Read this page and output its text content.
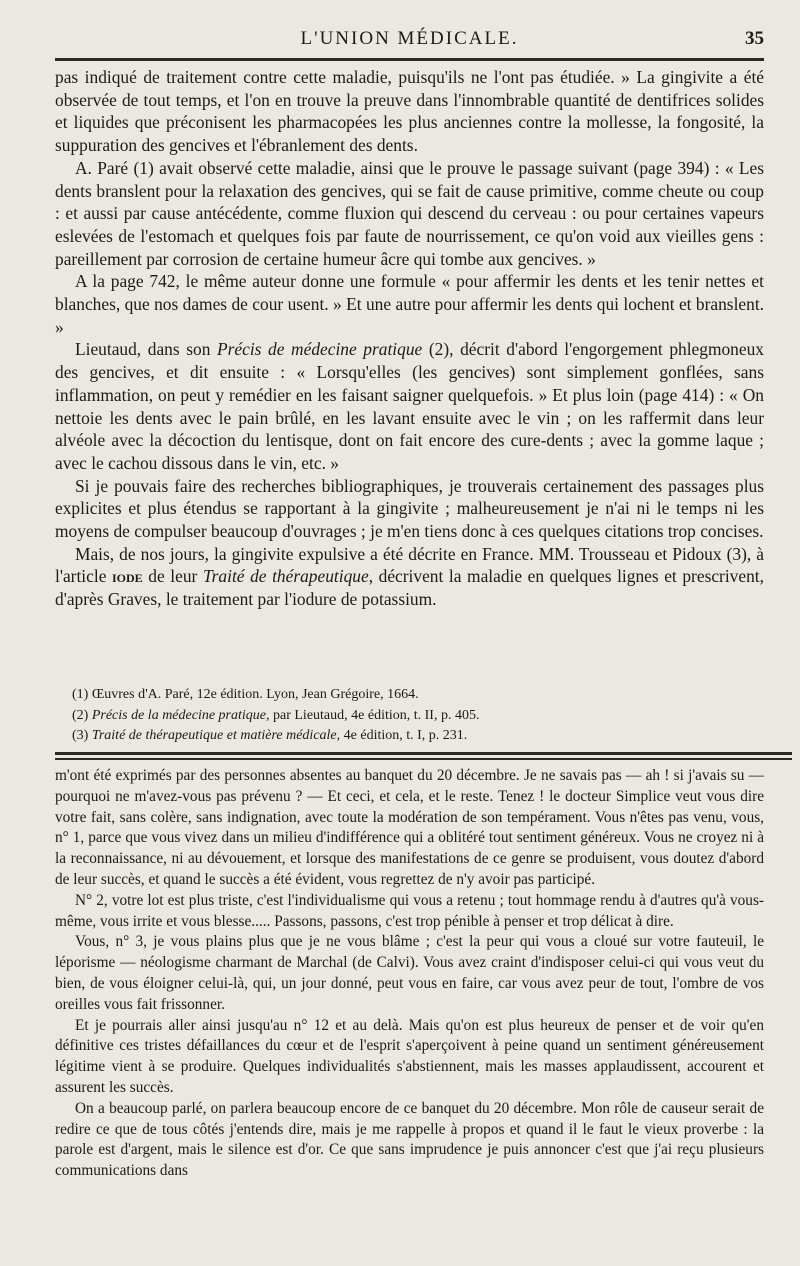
L'UNION MÉDICALE.	35

pas indiqué de traitement contre cette maladie, puisqu'ils ne l'ont pas étudiée. » La gingivite a été observée de tout temps, et l'on en trouve la preuve dans l'innombrable quantité de dentifrices solides et liquides que préconisent les pharmacopées les plus anciennes contre la mollesse, la fongosité, la suppuration des gencives et l'ébranlement des dents.

A. Paré (1) avait observé cette maladie, ainsi que le prouve le passage suivant (page 394) : « Les dents branslent pour la relaxation des gencives, qui se fait de cause primitive, comme cheute ou coup : et aussi par cause antécédente, comme fluxion qui descend du cerveau : ou pour certaines vapeurs eslevées de l'estomach et quelques fois par faute de nourrissement, ce qu'on void aux vieilles gens : pareillement par corrosion de certaine humeur âcre qui tombe aux gencives. »

A la page 742, le même auteur donne une formule « pour affermir les dents et les tenir nettes et blanches, que nos dames de cour usent. » Et une autre pour affermir les dents qui lochent et branslent. »

Lieutaud, dans son Précis de médecine pratique (2), décrit d'abord l'engorgement phlegmoneux des gencives, et dit ensuite : « Lorsqu'elles (les gencives) sont simplement gonflées, sans inflammation, on peut y remédier en les faisant saigner quelquefois. » Et plus loin (page 414) : « On nettoie les dents avec le pain brûlé, en les lavant ensuite avec le vin ; on les raffermit dans leur alvéole avec la décoction du lentisque, dont on fait encore des cure-dents ; avec la gomme laque ; avec le cachou dissous dans le vin, etc. »

Si je pouvais faire des recherches bibliographiques, je trouverais certainement des passages plus explicites et plus étendus se rapportant à la gingivite ; malheureusement je n'ai ni le temps ni les moyens de compulser beaucoup d'ouvrages ; je m'en tiens donc à ces quelques citations trop concises.

Mais, de nos jours, la gingivite expulsive a été décrite en France. MM. Trousseau et Pidoux (3), à l'article iode de leur Traité de thérapeutique, décrivent la maladie en quelques lignes et prescrivent, d'après Graves, le traitement par l'iodure de potassium.

(1) Œuvres d'A. Paré, 12e édition. Lyon, Jean Grégoire, 1664.

(2) Précis de la médecine pratique, par Lieutaud, 4e édition, t. II, p. 405.

(3) Traité de thérapeutique et matière médicale, 4e édition, t. I, p. 231.

m'ont été exprimés par des personnes absentes au banquet du 20 décembre. Je ne savais pas — ah ! si j'avais su — pourquoi ne m'avez-vous pas prévenu ? — Et ceci, et cela, et le reste. Tenez ! le docteur Simplice veut vous dire votre fait, sans colère, sans indignation, avec toute la modération de son tempérament. Vous n'êtes pas venu, vous, n° 1, parce que vous vivez dans un milieu d'indifférence qui a oblitéré tout sentiment généreux. Vous ne croyez ni à la reconnaissance, ni au dévouement, et lorsque des manifestations de ce genre se produisent, vous doutez d'abord de leur succès, et quand le succès a été évident, vous regrettez de n'y avoir pas participé.

N° 2, votre lot est plus triste, c'est l'individualisme qui vous a retenu ; tout hommage rendu à d'autres qu'à vous-même, vous irrite et vous blesse..... Passons, passons, c'est trop pénible à penser et trop délicat à dire.

Vous, n° 3, je vous plains plus que je ne vous blâme ; c'est la peur qui vous a cloué sur votre fauteuil, le léporisme — néologisme charmant de Marchal (de Calvi). Vous avez craint d'indisposer celui-ci qui vous veut du bien, de vous éloigner celui-là, qui, un jour donné, peut vous en faire, car vous avez peur de tout, l'ombre de vos oreilles vous fait frissonner.

Et je pourrais aller ainsi jusqu'au n° 12 et au delà. Mais qu'on est plus heureux de penser et de voir qu'en définitive ces tristes défaillances du cœur et de l'esprit s'aperçoivent à peine quand un sentiment généreusement légitime vient à se produire. Quelques individualités s'abstiennent, mais les masses applaudissent, accourent et assurent les succès.

On a beaucoup parlé, on parlera beaucoup encore de ce banquet du 20 décembre. Mon rôle de causeur serait de redire ce que de tous côtés j'entends dire, mais je me rappelle à propos et quand il le faut le vieux proverbe : la parole est d'argent, mais le silence est d'or. Ce que sans imprudence je puis annoncer c'est que j'ai reçu plusieurs communications dans
